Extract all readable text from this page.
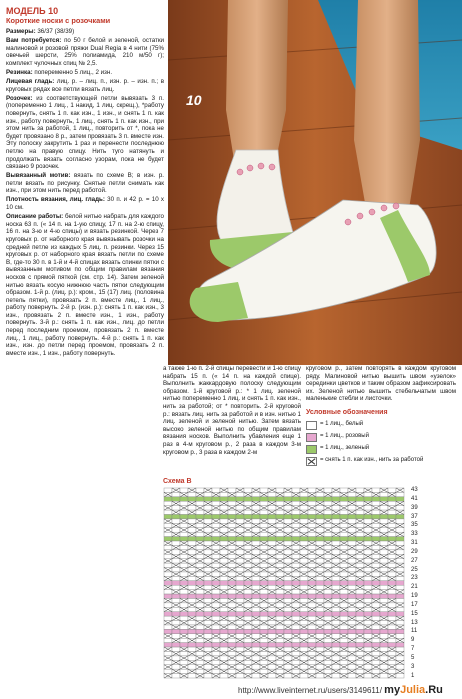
МОДЕЛЬ 10
Короткие носки с розочками
Размеры: 36/37 (38/39)
Вам потребуется: по 50 г белой и зеленой, остатки малиновой и розовой пряжи Dual Regia в 4 нити (75% овечьей шерсти, 25% полиамида, 210 м/50 г); комплект чулочных спиц № 2,5.
Резинка: попеременно 5 лиц., 2 изн.
Лицевая гладь: лиц. р. – лиц. п., изн. р. – изн. п.; в круговых рядах все петли вязать лиц.
Розочек: из соответствующей петли вывязать 3 п. (попеременно 1 лиц., 1 накид, 1 лиц. скрещ.), *работу повернуть, снять 1 п. как изн., 1 изн., и снять 1 п. как изн., работу повернуть, 1 лиц., снять 1 п. как изн., при этом нить за работой, 1 лиц., повторить от *, пока не будет провязано 8 р., затем провязать 3 п. вместе изн. Эту полоску закрутить 1 раз и перенести последнюю петлю на правую спицу. Нить туго натянуть и продолжать вязать согласно узорам, пока не будет связано 9 розочек.
Вывязанный мотив: вязать по схеме В; в изн. р. петли вязать по рисунку. Снятые петли снимать как изн., при этом нить перед работой.
Плотность вязания, лиц. гладь: 30 п. и 42 р. = 10 х 10 см.
Описание работы: белой нитью набрать для каждого носка 63 п. (« 14 п. на 1-ую спицу, 17 п. на 2-ю спицу, 16 п. на 3-ю и 4-ю спицы) и вязать резинкой. Через 7 круговых р. от наборного края вывязывать розочки на средней петле из каждых 5 лиц. п. резинки. Через 15 круговых р. от наборного края вязать петли по схеме В, где-то 30 п. в 1-й и 4-й спицах вязать спинки пятки с вывязанным мотивом по общим правилам вязания носков с прямой пяткой (см. стр. 14). Затем зеленой нитью вязать косую нижнюю часть пятки следующим образом. 1-й р. (лиц. р.): кром., 15 (17) лиц. (половина петель пятки), провязать 2 п. вместе лиц., 1 лиц., работу повернуть. 2-й р. (изн. р.): снять 1 п. как изн., 3 изн., провязать 2 п. вместе изн., 1 изн., работу повернуть. 3-й р.: снять 1 п. как изн., лиц. до петли перед последним проемом, провязать 2 п. вместе лиц., 1 лиц., работу повернуть. 4-й р.: снять 1 п. как изн., изн. до петли перед проемом, провязать 2 п. вместе изн., 1 изн., работу повернуть.
10
а также 1-ю п. 2-й спицы перевести и 1-ю спицу набрать 15 п. (« 14 п. на каждой спице). Выполнить жаккардовую полоску следующим образом. 1-й круговой р.: * 1 лиц. зеленой нитью попеременно 1 лиц. и снять 1 п. как изн., нить за работой; от * повторить. 2-й круговой р.: вязать лиц. нить за работой и в изн. нитью 1 лиц. зеленой и зеленой нитью. Затем вязать высоко зеленой нитью по общим правилам вязания носков. Выполнить убавления еще 1 раз в 4-м круговом р., 2 раза в каждом 3-м круговом р., 3 раза в каждом 2-м
круговом р., затем повторять в каждом круговом ряду. Малиновой нитью вышить швом «узелок» серединки цветков и таким образом зафиксировать их. Зеленой нитью вышить стебельчатым швом маленькие стебли и листочки.
Условные обозначения
= 1 лиц., белый
= 1 лиц., розовый
= 1 лиц., зеленый
= снять 1 п. как изн., нить за работой
Схема В
43
41
39
37
35
33
31
29
27
25
23
21
19
17
15
13
11
9
7
5
3
1
http://www.liveinternet.ru/users/3149611/ myJulia.Ru
